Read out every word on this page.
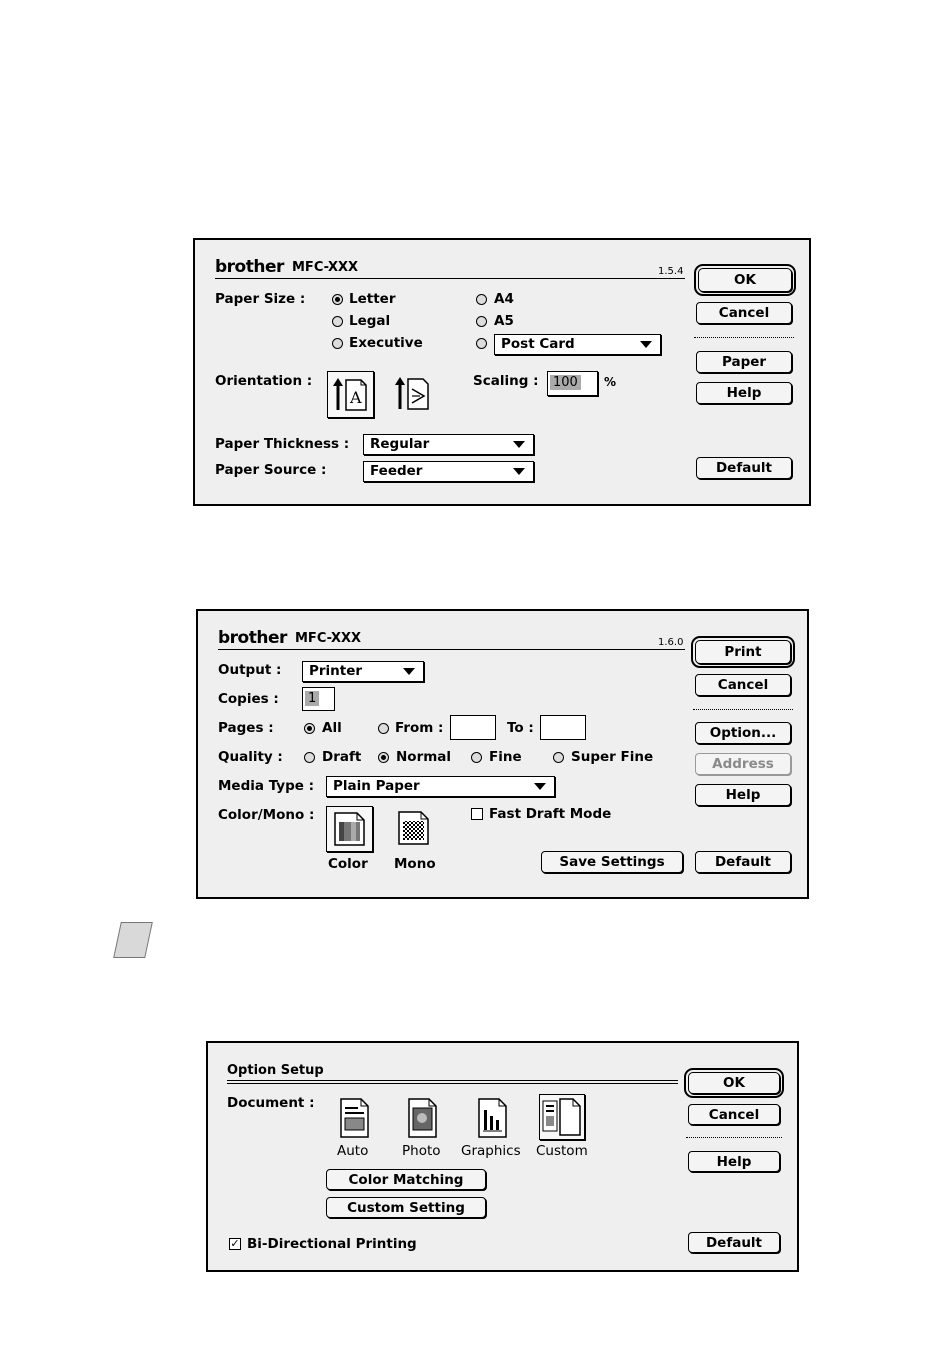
brother MFC-XXX	1.5.4
Paper Size :	Letter
Legal
Executive
A4
A5
Post Card
Orientation :
A
Scaling :	100	%
Paper Thickness :	Regular
Paper Source :	Feeder
OK
Cancel
Paper
Help
Default
brother MFC-XXX	1.6.0
Output :	Printer
Copies :	1
Pages :	All	From :	To :
Quality :	Draft	Normal	Fine	Super Fine
Media Type :	Plain Paper
Color/Mono :
Color Mono
Fast Draft Mode
Save Settings
Print
Cancel
Option...
Address
Help
Default
Option Setup
Document :
Auto Photo Graphics Custom
Color Matching
Custom Setting
✓ Bi-Directional Printing
OK
Cancel
Help
Default
